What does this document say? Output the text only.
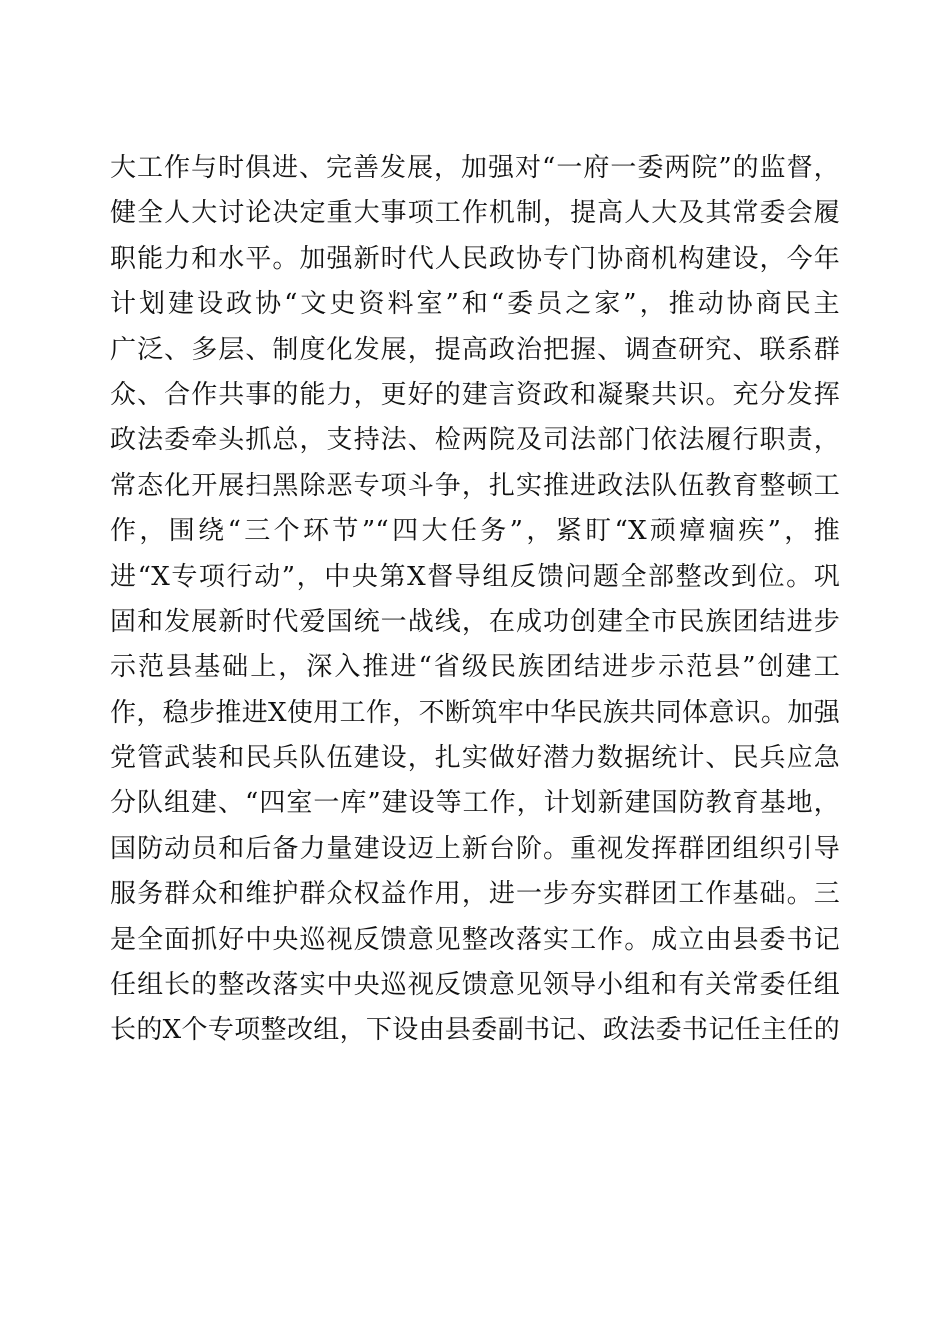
大工作与时俱进、完善发展，加强对“一府一委两院”的监督，
健全人大讨论决定重大事项工作机制，提高人大及其常委会履
职能力和水平。加强新时代人民政协专门协商机构建设，今年
计划建设政协“文史资料室”和“委员之家”，推动协商民主
广泛、多层、制度化发展，提高政治把握、调查研究、联系群
众、合作共事的能力，更好的建言资政和凝聚共识。充分发挥
政法委牵头抓总，支持法、检两院及司法部门依法履行职责，
常态化开展扫黑除恶专项斗争，扎实推进政法队伍教育整顿工
作，围绕“三个环节”“四大任务”，紧盯“X顽瘴痼疾”，推
进“X专项行动”，中央第X督导组反馈问题全部整改到位。巩
固和发展新时代爱国统一战线，在成功创建全市民族团结进步
示范县基础上，深入推进“省级民族团结进步示范县”创建工
作，稳步推进X使用工作，不断筑牢中华民族共同体意识。加强
党管武装和民兵队伍建设，扎实做好潜力数据统计、民兵应急
分队组建、“四室一库”建设等工作，计划新建国防教育基地，
国防动员和后备力量建设迈上新台阶。重视发挥群团组织引导
服务群众和维护群众权益作用，进一步夯实群团工作基础。三
是全面抓好中央巡视反馈意见整改落实工作。成立由县委书记
任组长的整改落实中央巡视反馈意见领导小组和有关常委任组
长的X个专项整改组，下设由县委副书记、政法委书记任主任的
